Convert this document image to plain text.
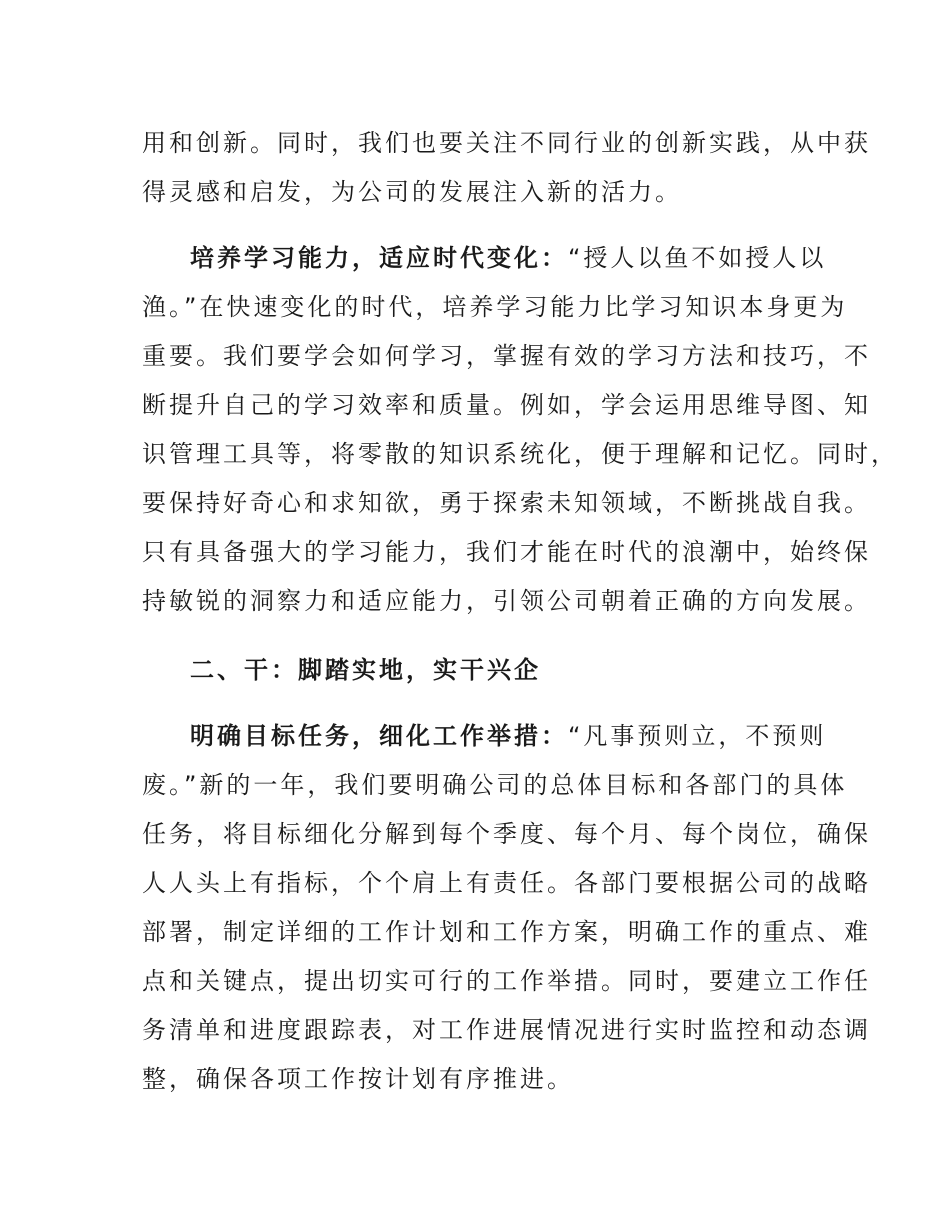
用和创新。同时，我们也要关注不同行业的创新实践，从中获
得灵感和启发，为公司的发展注入新的活力。
培养学习能力，适应时代变化：“授人以鱼不如授人以
渔。”在快速变化的时代，培养学习能力比学习知识本身更为
重要。我们要学会如何学习，掌握有效的学习方法和技巧，不
断提升自己的学习效率和质量。例如，学会运用思维导图、知
识管理工具等，将零散的知识系统化，便于理解和记忆。同时，
要保持好奇心和求知欲，勇于探索未知领域，不断挑战自我。
只有具备强大的学习能力，我们才能在时代的浪潮中，始终保
持敏锐的洞察力和适应能力，引领公司朝着正确的方向发展。
二、干：脚踏实地，实干兴企
明确目标任务，细化工作举措：“凡事预则立，不预则
废。”新的一年，我们要明确公司的总体目标和各部门的具体
任务，将目标细化分解到每个季度、每个月、每个岗位，确保
人人头上有指标，个个肩上有责任。各部门要根据公司的战略
部署，制定详细的工作计划和工作方案，明确工作的重点、难
点和关键点，提出切实可行的工作举措。同时，要建立工作任
务清单和进度跟踪表，对工作进展情况进行实时监控和动态调
整，确保各项工作按计划有序推进。
